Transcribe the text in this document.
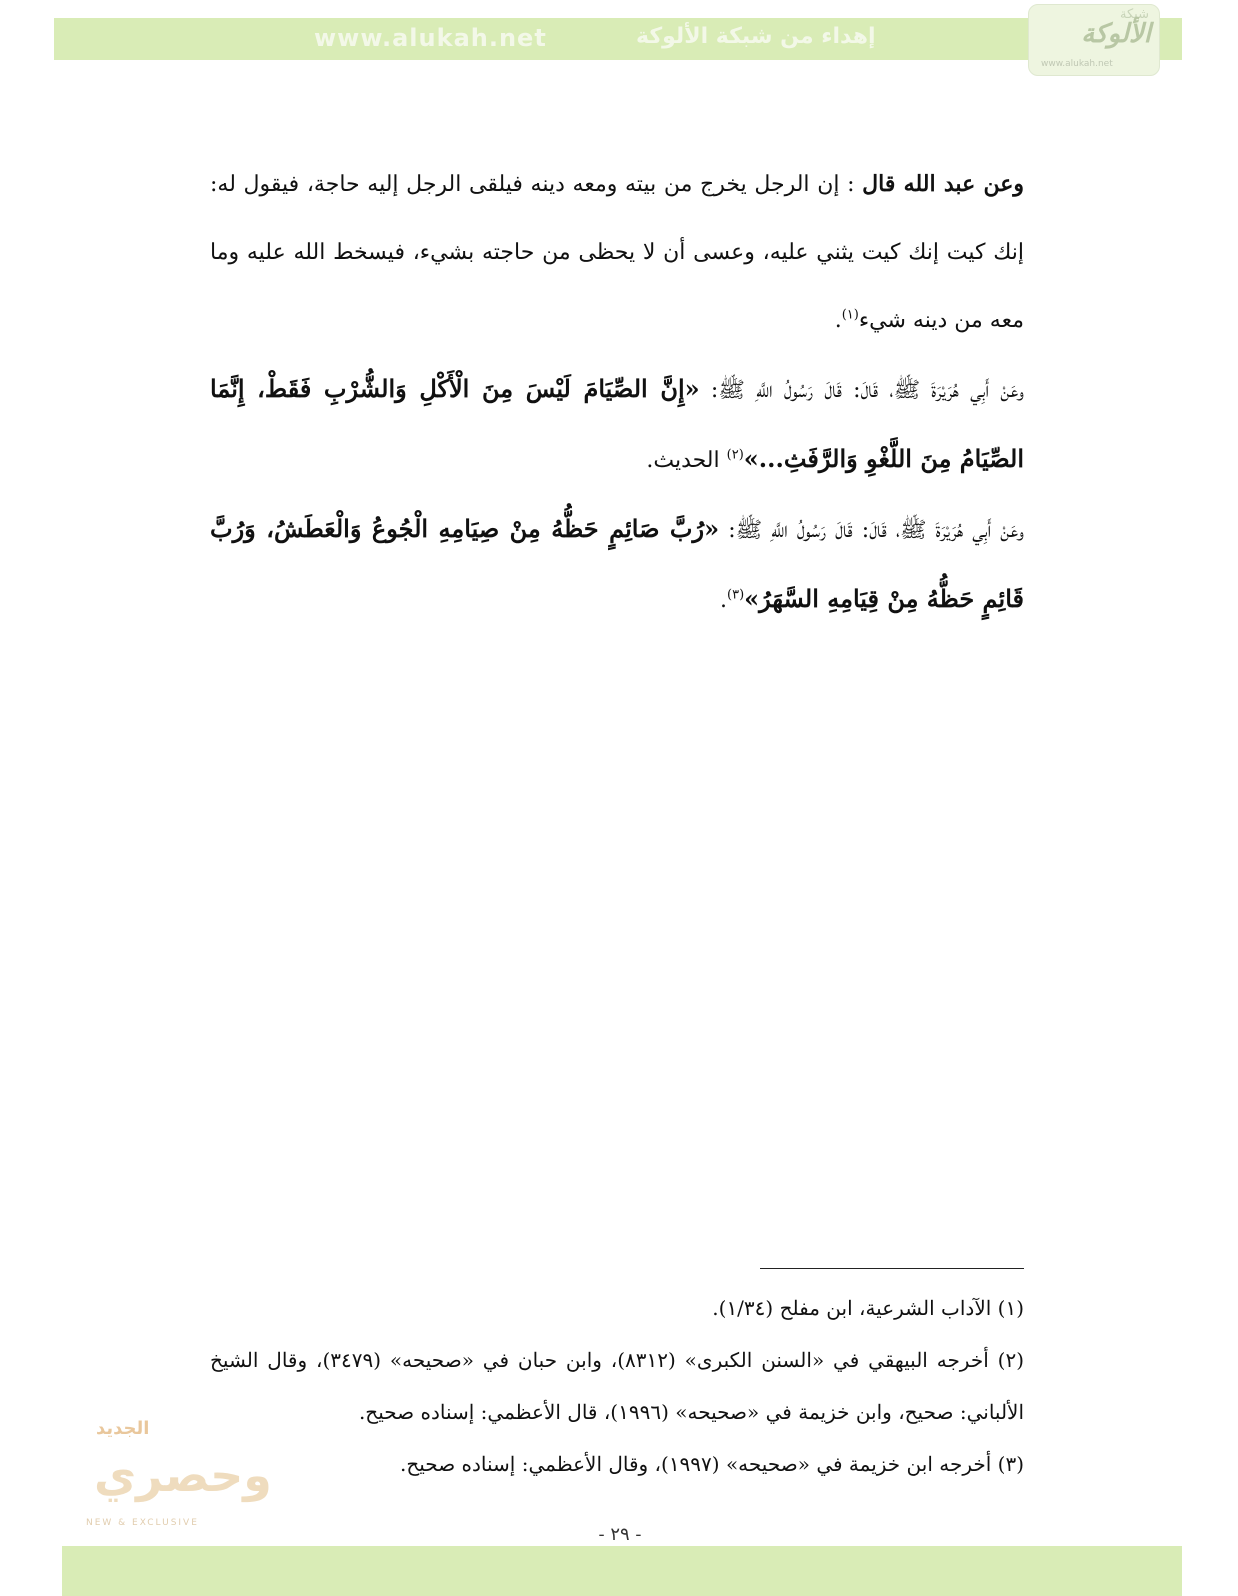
www.alukah.net	إهداء من شبكة الألوكة
شبكة
الألوكة
www.alukah.net

وعن عبد الله قال : إن الرجل يخرج من بيته ومعه دينه فيلقى الرجل إليه حاجة، فيقول له: إنك كيت إنك كيت يثني عليه، وعسى أن لا يحظى من حاجته بشيء، فيسخط الله عليه وما معه من دينه شيء$^{(١)}$.

وعَنْ أَبِي هُرَيْرَةَ ﷺ، قَالَ: قَالَ رَسُولُ اللَّهِ ﷺ: «إِنَّ الصِّيَامَ لَيْسَ مِنَ الْأَكْلِ وَالشُّرْبِ فَقَطْ، إِنَّمَا الصِّيَامُ مِنَ اللَّغْوِ وَالرَّفَثِ...»$^{(٢)}$ الحديث.

وعَنْ أَبِي هُرَيْرَةَ ﷺ، قَالَ: قَالَ رَسُولُ اللَّهِ ﷺ: «رُبَّ صَائِمٍ حَظُّهُ مِنْ صِيَامِهِ الْجُوعُ وَالْعَطَشُ، وَرُبَّ قَائِمٍ حَظُّهُ مِنْ قِيَامِهِ السَّهَرُ»$^{(٣)}$.

(١) الآداب الشرعية، ابن مفلح (١/٣٤).

(٢) أخرجه البيهقي في «السنن الكبرى» (٨٣١٢)، وابن حبان في «صحيحه» (٣٤٧٩)، وقال الشيخ الألباني: صحيح، وابن خزيمة في «صحيحه» (١٩٩٦)، قال الأعظمي: إسناده صحيح.

(٣) أخرجه ابن خزيمة في «صحيحه» (١٩٩٧)، وقال الأعظمي: إسناده صحيح.

الجديد
وحصري
NEW & EXCLUSIVE
- ٢٩ -
